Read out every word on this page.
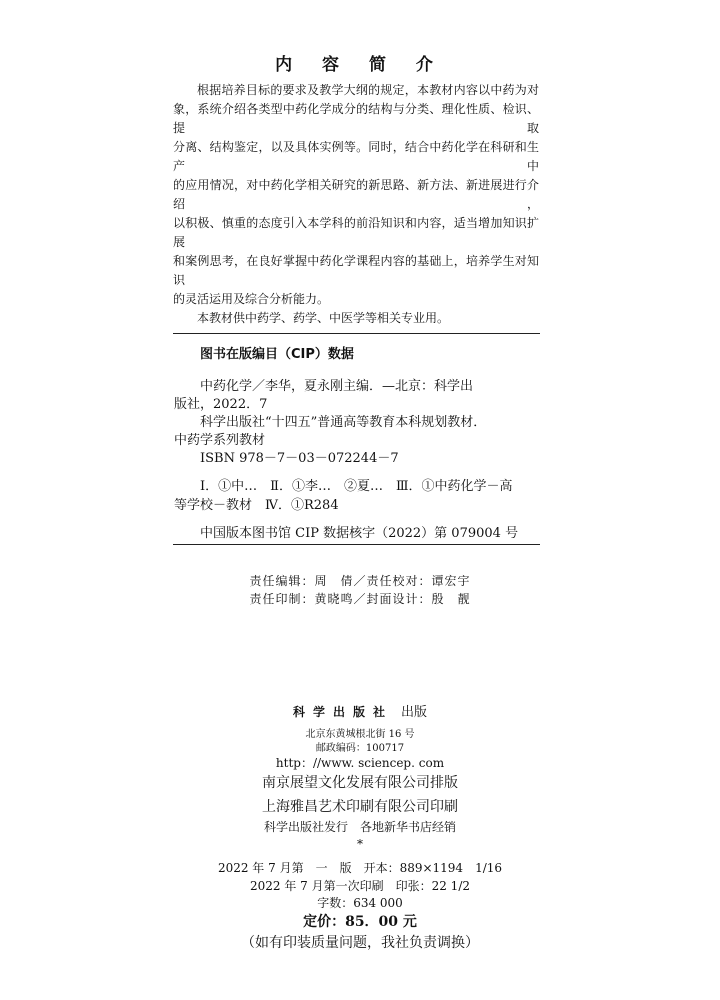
内 容 简 介

根据培养目标的要求及教学大纲的规定，本教材内容以中药为对

象，系统介绍各类型中药化学成分的结构与分类、理化性质、检识、提取

分离、结构鉴定，以及具体实例等。同时，结合中药化学在科研和生产中

的应用情况，对中药化学相关研究的新思路、新方法、新进展进行介绍，

以积极、慎重的态度引入本学科的前沿知识和内容，适当增加知识扩展

和案例思考，在良好掌握中药化学课程内容的基础上，培养学生对知识

的灵活运用及综合分析能力。

本教材供中药学、药学、中医学等相关专业用。

图书在版编目（CIP）数据
中药化学／李华，夏永刚主编．—北京：科学出
版社，2022．7
科学出版社“十四五”普通高等教育本科规划教材．
中药学系列教材
ISBN 978－7－03－072244－7
Ⅰ．①中…　Ⅱ．①李…　②夏…　Ⅲ．①中药化学－高
等学校－教材　Ⅳ．①R284
中国版本图书馆 CIP 数据核字（2022）第 079004 号
责任编辑：周　倩／责任校对：谭宏宇
责任印制：黄晓鸣／封面设计：殷　靓
科学出版社 出版
北京东黄城根北街 16 号
邮政编码：100717
http：//www. sciencep. com
南京展望文化发展有限公司排版
上海雅昌艺术印刷有限公司印刷
科学出版社发行　各地新华书店经销
*
2022 年 7 月第　一　版　开本：889×1194　1/16
2022 年 7 月第一次印刷　印张：22 1/2
字数：634 000
定价：85．00 元
（如有印装质量问题，我社负责调换）
